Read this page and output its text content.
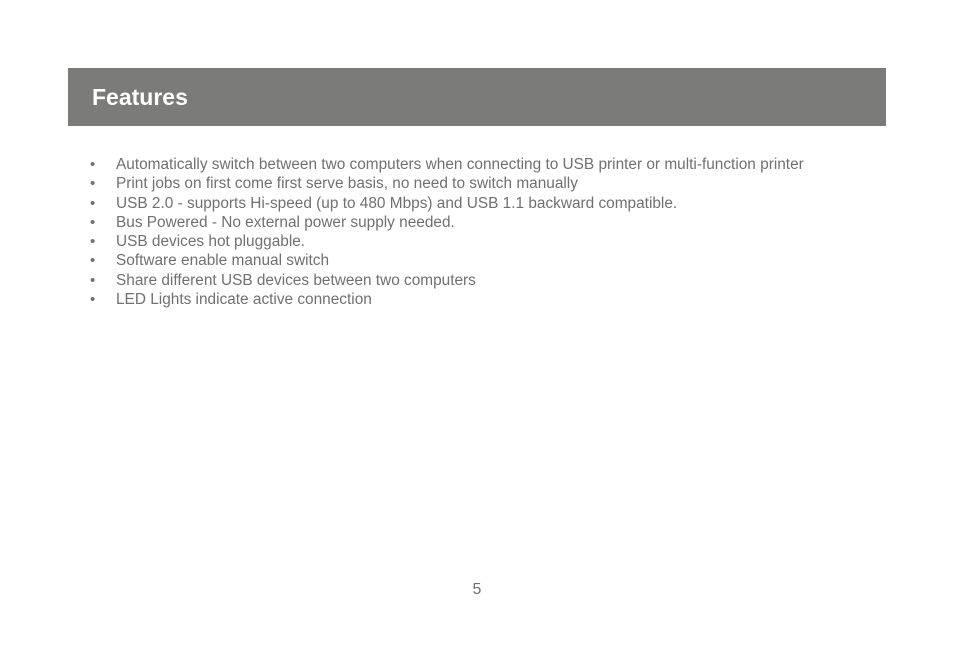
Features
• Automatically switch between two computers when connecting to USB printer or multi-function printer
• Print jobs on first come first serve basis, no need to switch manually
• USB 2.0 - supports Hi-speed (up to 480 Mbps) and USB 1.1 backward compatible.
• Bus Powered - No external power supply needed.
• USB devices hot pluggable.
• Software enable manual switch
• Share different USB devices between two computers
• LED Lights indicate active connection
5
